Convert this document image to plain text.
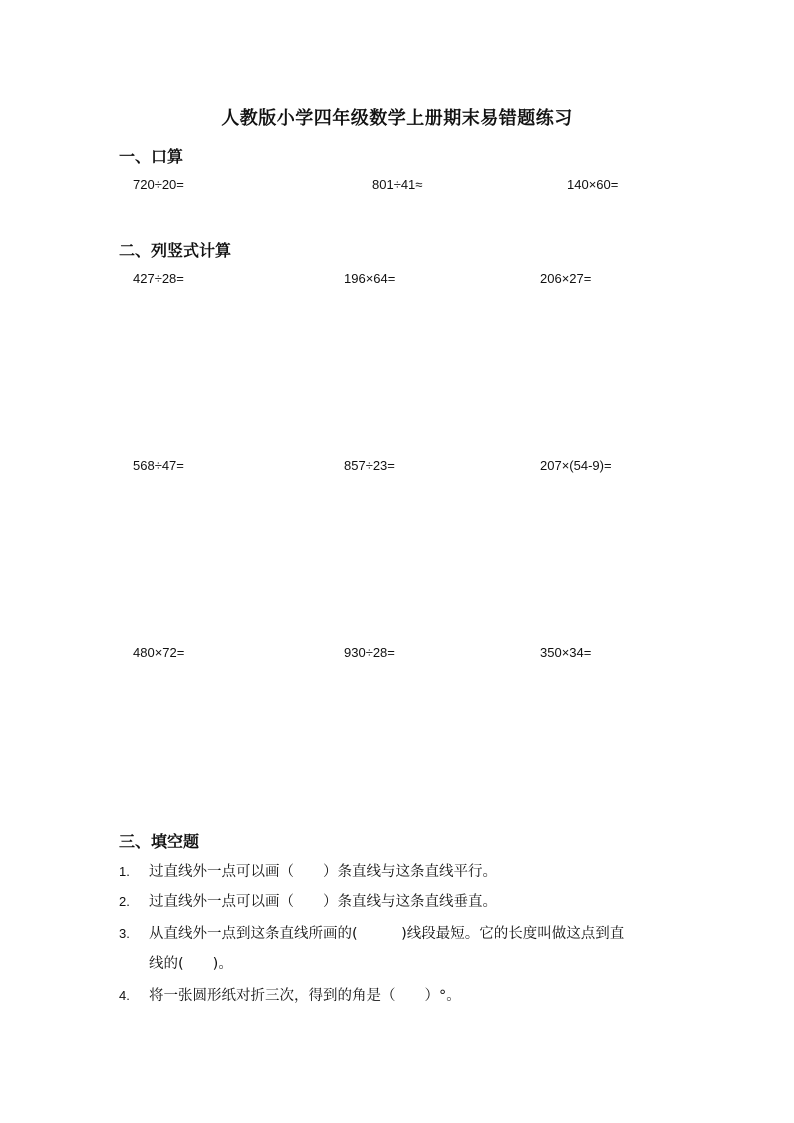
人教版小学四年级数学上册期末易错题练习
一、口算
720÷20=	801÷41≈	140×60=
二、列竖式计算
427÷28=	196×64=	206×27=
568÷47=	857÷23=	207×(54-9)=
480×72=	930÷28=	350×34=
三、填空题
1. 过直线外一点可以画（　　）条直线与这条直线平行。
2. 过直线外一点可以画（　　）条直线与这条直线垂直。
3. 从直线外一点到这条直线所画的(　　　)线段最短。它的长度叫做这点到直
线的(　　)。
4. 将一张圆形纸对折三次，得到的角是（　　）°。
